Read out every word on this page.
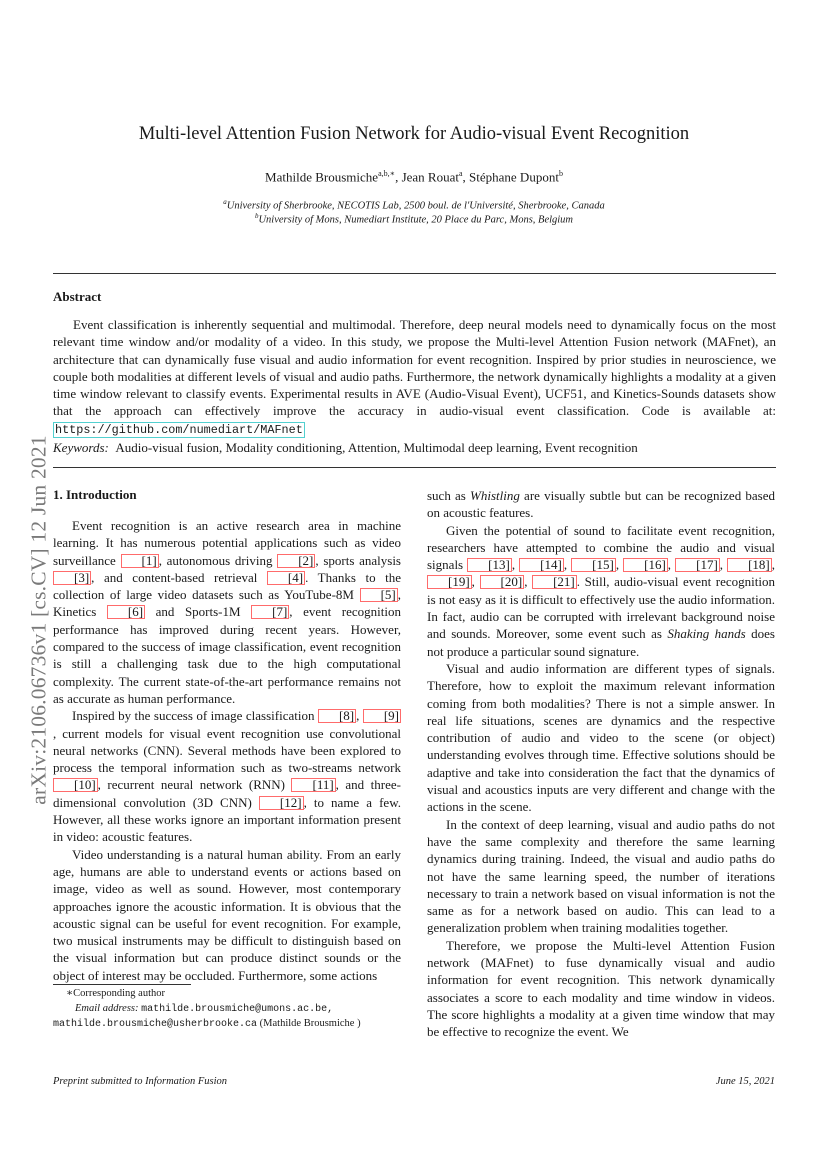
arXiv:2106.06736v1 [cs.CV] 12 Jun 2021
Multi-level Attention Fusion Network for Audio-visual Event Recognition
Mathilde Brousmiche$^{a,b,∗}$, Jean Rouat$^a$, Stéphane Dupont$^b$
$^a$University of Sherbrooke, NECOTIS Lab, 2500 boul. de l'Université, Sherbrooke, Canada
$^b$University of Mons, Numediart Institute, 20 Place du Parc, Mons, Belgium
Abstract
Event classification is inherently sequential and multimodal. Therefore, deep neural models need to dynamically focus on the most relevant time window and/or modality of a video. In this study, we propose the Multi-level Attention Fusion network (MAFnet), an architecture that can dynamically fuse visual and audio information for event recognition. Inspired by prior studies in neuroscience, we couple both modalities at different levels of visual and audio paths. Furthermore, the network dynamically highlights a modality at a given time window relevant to classify events. Experimental results in AVE (Audio-Visual Event), UCF51, and Kinetics-Sounds datasets show that the approach can effectively improve the accuracy in audio-visual event classification. Code is available at: https://github.com/numediart/MAFnet
Keywords: Audio-visual fusion, Modality conditioning, Attention, Multimodal deep learning, Event recognition
1. Introduction

Event recognition is an active research area in machine learning. It has numerous potential applications such as video surveillance [1] , autonomous driving [2] , sports analysis [3] , and content-based retrieval [4] . Thanks to the collection of large video datasets such as YouTube-8M [5] , Kinetics [6] and Sports-1M [7] , event recognition performance has improved during recent years. However, compared to the success of image classification, event recognition is still a challenging task due to the high computational complexity. The current state-of-the-art performance remains not as accurate as human performance.

Inspired by the success of image classification [8] , [9], current models for visual event recognition use convolutional neural networks (CNN). Several methods have been explored to process the temporal information such as two-streams network [10] , recurrent neural network (RNN) [11] , and three-dimensional convolution (3D CNN) [12] , to name a few. However, all these works ignore an important information present in video: acoustic features.

Video understanding is a natural human ability. From an early age, humans are able to understand events or actions based on image, video as well as sound. However, most contemporary approaches ignore the acoustic information. It is obvious that the acoustic signal can be useful for event recognition. For example, two musical instruments may be difficult to distinguish based on the visual information but can produce distinct sounds or the object of interest may be occluded. Furthermore, some actions

such as Whistling are visually subtle but can be recognized based on acoustic features.

Given the potential of sound to facilitate event recognition, researchers have attempted to combine the audio and visual signals [13] , [14] , [15] , [16] , [17] , [18] , [19] , [20] , [21] . Still, audio-visual event recognition is not easy as it is difficult to effectively use the audio information. In fact, audio can be corrupted with irrelevant background noise and sounds. Moreover, some event such as Shaking hands does not produce a particular sound signature.

Visual and audio information are different types of signals. Therefore, how to exploit the maximum relevant information coming from both modalities? There is not a simple answer. In real life situations, scenes are dynamics and the respective contribution of audio and video to the scene (or object) understanding evolves through time. Effective solutions should be adaptive and take into consideration the fact that the dynamics of visual and acoustics inputs are very different and change with the actions in the scene.

In the context of deep learning, visual and audio paths do not have the same complexity and therefore the same learning dynamics during training. Indeed, the visual and audio paths do not have the same learning speed, the number of iterations necessary to train a network based on visual information is not the same as for a network based on audio. This can lead to a generalization problem when training modalities together.

Therefore, we propose the Multi-level Attention Fusion network (MAFnet) to fuse dynamically visual and audio information for event recognition. This network dynamically associates a score to each modality and time window in videos. The score highlights a modality at a given time window that may be effective to recognize the event. We

∗Corresponding author
Email address: mathilde.brousmiche@umons.ac.be,
mathilde.brousmiche@usherbrooke.ca (Mathilde Brousmiche )
Preprint submitted to Information Fusion	June 15, 2021
